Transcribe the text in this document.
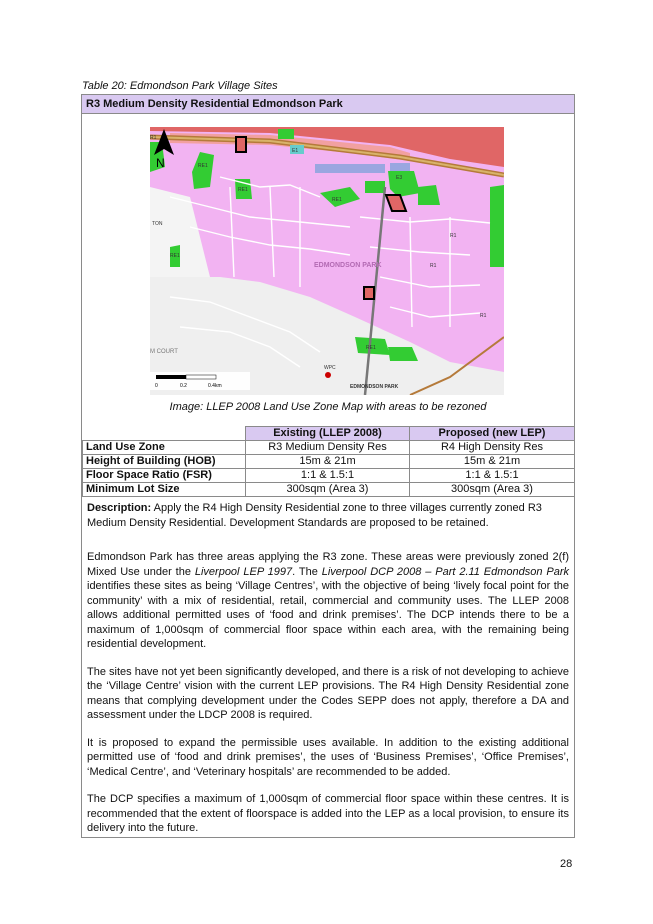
Table 20: Edmondson Park Village Sites
R3 Medium Density Residential Edmondson Park
N	RE1
RE1
RE1
RE1
RE1
R1
E1
E3
R1
R1
R1
TON
WPC
EDMONDSON PARK
M COURT
EDMONDSON PARK
0	0.2	0.4km
Image: LLEP 2008 Land Use Zone Map with areas to be rezoned
	Existing (LLEP 2008)	Proposed (new LEP)
Land Use Zone	R3 Medium Density Res	R4 High Density Res
Height of Building (HOB)	15m & 21m	15m & 21m
Floor Space Ratio (FSR)	1:1 & 1.5:1	1:1 & 1.5:1
Minimum Lot Size	300sqm (Area 3)	300sqm (Area 3)

Description: Apply the R4 High Density Residential zone to three villages currently zoned R3 Medium Density Residential. Development Standards are proposed to be retained.

Edmondson Park has three areas applying the R3 zone. These areas were previously zoned 2(f) Mixed Use under the Liverpool LEP 1997. The Liverpool DCP 2008 – Part 2.11 Edmondson Park identifies these sites as being ‘Village Centres’, with the objective of being ‘lively focal point for the community’ with a mix of residential, retail, commercial and community uses. The LLEP 2008 allows additional permitted uses of ‘food and drink premises’. The DCP intends there to be a maximum of 1,000sqm of commercial floor space within each area, with the remaining being residential development.

The sites have not yet been significantly developed, and there is a risk of not developing to achieve the ‘Village Centre’ vision with the current LEP provisions. The R4 High Density Residential zone means that complying development under the Codes SEPP does not apply, therefore a DA and assessment under the LDCP 2008 is required.

It is proposed to expand the permissible uses available. In addition to the existing additional permitted use of ‘food and drink premises’, the uses of ‘Business Premises’, ‘Office Premises’, ‘Medical Centre’, and ‘Veterinary hospitals’ are recommended to be added.

The DCP specifies a maximum of 1,000sqm of commercial floor space within these centres. It is recommended that the extent of floorspace is added into the LEP as a local provision, to ensure its delivery into the future.

28
